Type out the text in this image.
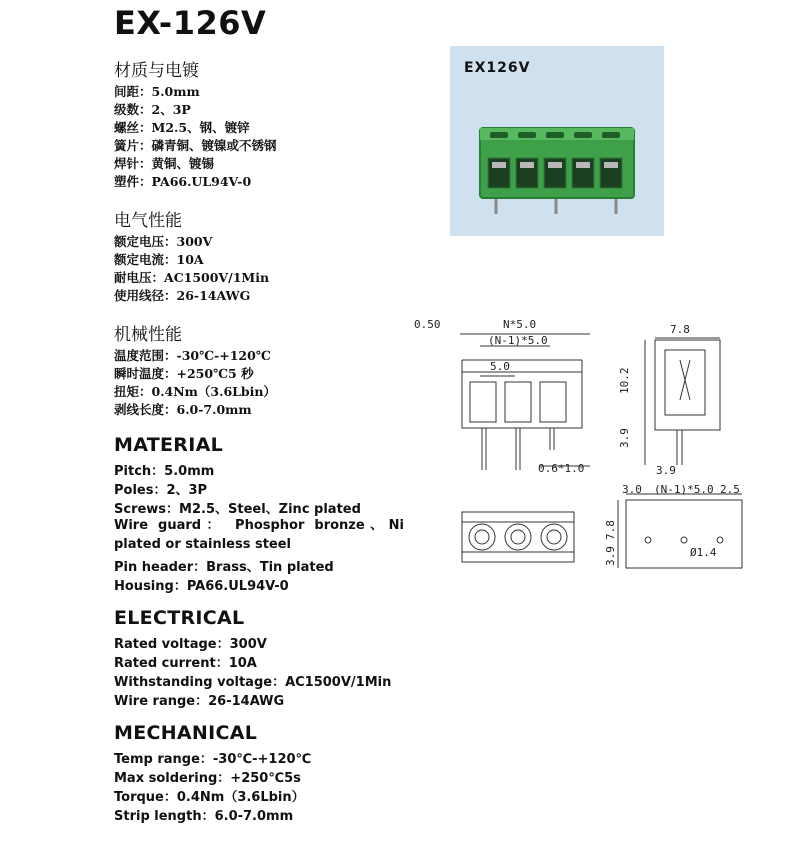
EX-126V
材质与电镀
间距：5.0mm
级数：2、3P
螺丝：M2.5、钢、镀锌
簧片：磷青铜、镀镍或不锈钢
焊针：黄铜、镀锡
塑件：PA66.UL94V-0
电气性能
额定电压：300V
额定电流：10A
耐电压：AC1500V/1Min
使用线径：26-14AWG
机械性能
温度范围：-30℃-+120℃
瞬时温度：+250℃5 秒
扭矩：0.4Nm（3.6Lbin）
剥线长度：6.0-7.0mm
MATERIAL
Pitch：5.0mm
Poles：2、3P
Screws：M2.5、Steel、Zinc plated
Wire guard： Phosphor bronze、Ni plated or stainless steel
Pin header：Brass、Tin plated
Housing：PA66.UL94V-0
ELECTRICAL
Rated voltage：300V
Rated current：10A
Withstanding voltage：AC1500V/1Min
Wire range：26-14AWG
MECHANICAL
Temp range：-30℃-+120℃
Max soldering：+250℃5s
Torque：0.4Nm（3.6Lbin）
Strip length：6.0-7.0mm
EX126V
0.50	N*5.0
(N-1)*5.0
5.0
0.6*1.0
7.8
10.2
3.9
3.9
3.0 (N-1)*5.0 2.5
Ø1.4
7.8
3.9
